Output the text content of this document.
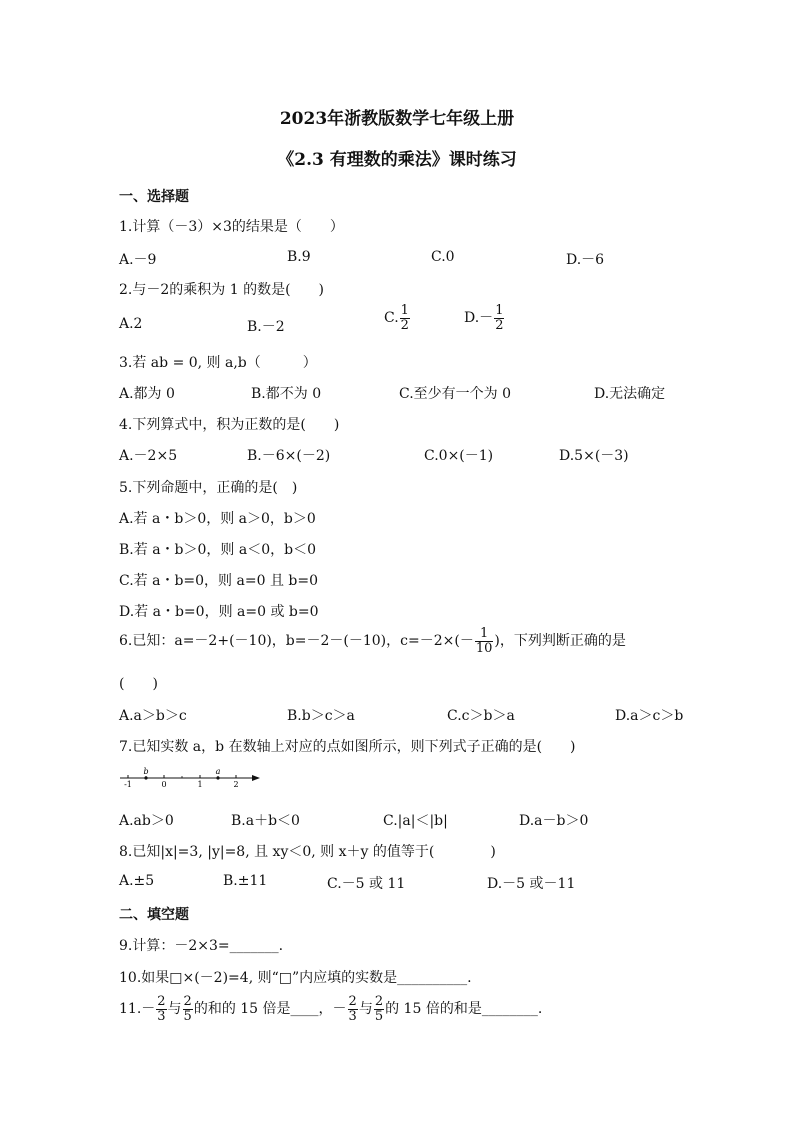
2023年浙教版数学七年级上册
《2.3 有理数的乘法》课时练习
一、选择题
1.计算（－3）×3的结果是（　　）
A.－9	B.9	C.0	D.－6
2.与－2的乘积为 1 的数是(　　)
A.2	B.－2
C. $\frac{1}{2}$	$D.- \frac{1}{2}$
3.若 ab = 0, 则 a,b（　　　）
A.都为 0	B.都不为 0	C.至少有一个为 0	D.无法确定
4.下列算式中，积为正数的是(　　)
A.－2×5	B.－6×(－2)	C.0×(－1)	D.5×(－3)
5.下列命题中，正确的是(　)
A.若 a・b＞0，则 a＞0，b＞0
B.若 a・b＞0，则 a＜0，b＜0
C.若 a・b=0，则 a=0 且 b=0
D.若 a・b=0，则 a=0 或 b=0
6.已知：a=－2+(－10)，b=－2－(－10)，$c=-2\times(- \frac{1}{10}$ )，下列判断正确的是
(　　)
A.a＞b＞c	B.b＞c＞a	C.c＞b＞a	D.a＞c＞b
7.已知实数 a，b 在数轴上对应的点如图所示，则下列式子正确的是(　　)
-1	0	1	2
b	a
A.ab＞0	B.a＋b＜0	C.|a|＜|b|	D.a－b＞0
8.已知|x|=3, |y|=8, 且 xy＜0, 则 x＋y 的值等于(　　　　)
A.±5	B.±11	C.－5 或 11	D.－5 或－11
二、填空题
9.计算：－2×3=_______.
10.如果□×(－2)=4, 则“□”内应填的实数是__________.
$11.- \frac{2}{3}$ 与 $\frac{2}{5}$ 的和的 15 倍是____，－ $\frac{2}{3}$ 与 $\frac{2}{5}$ 的 15 倍的和是________.
